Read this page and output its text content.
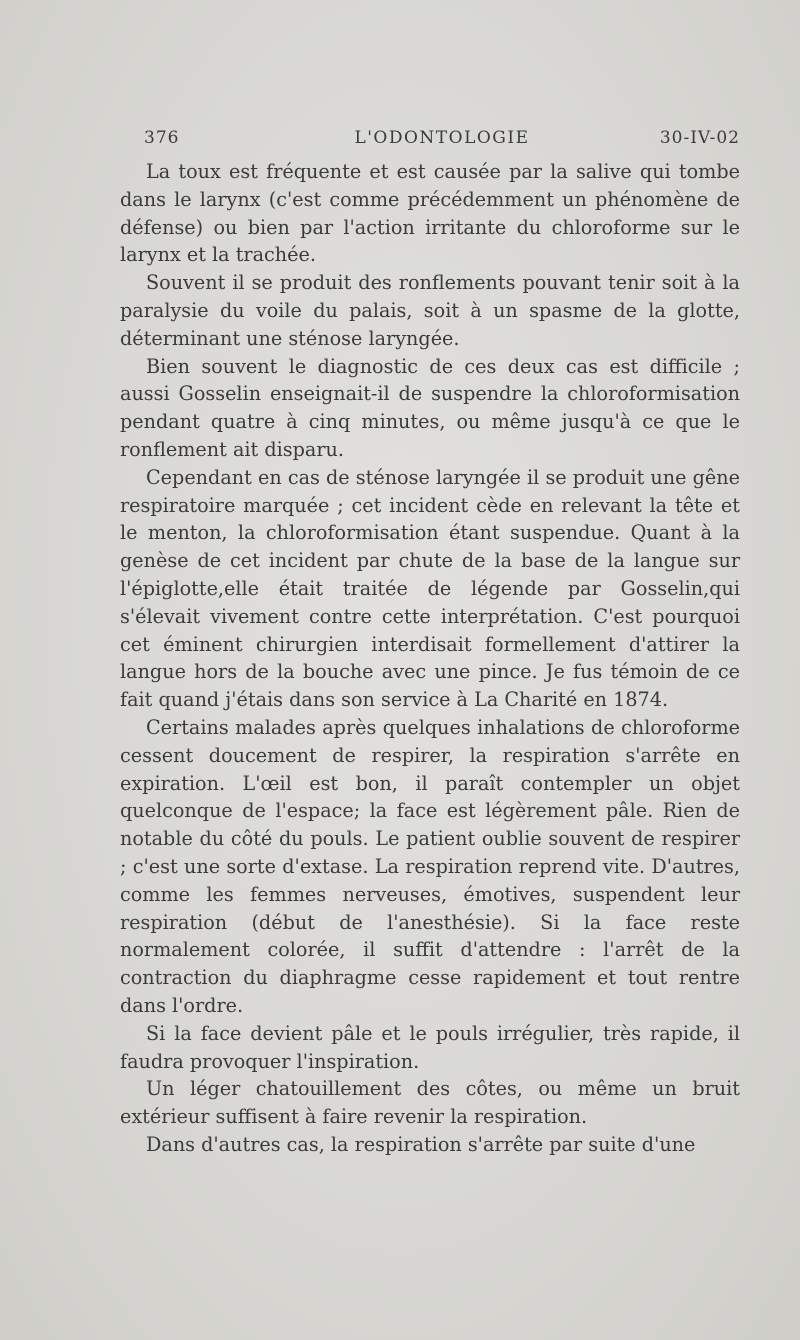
376	L'ODONTOLOGIE	30-IV-02

La toux est fréquente et est causée par la salive qui tombe dans le larynx (c'est comme précédemment un phénomène de défense) ou bien par l'action irritante du chloroforme sur le larynx et la trachée.

Souvent il se produit des ronflements pouvant tenir soit à la paralysie du voile du palais, soit à un spasme de la glotte, déterminant une sténose laryngée.

Bien souvent le diagnostic de ces deux cas est difficile ; aussi Gosselin enseignait-il de suspendre la chloroformisation pendant quatre à cinq minutes, ou même jusqu'à ce que le ronflement ait disparu.

Cependant en cas de sténose laryngée il se produit une gêne respiratoire marquée ; cet incident cède en relevant la tête et le menton, la chloroformisation étant suspendue. Quant à la genèse de cet incident par chute de la base de la langue sur l'épiglotte,elle était traitée de légende par Gosselin,qui s'élevait vivement contre cette interprétation. C'est pourquoi cet éminent chirurgien interdisait formellement d'attirer la langue hors de la bouche avec une pince. Je fus témoin de ce fait quand j'étais dans son service à La Charité en 1874.

Certains malades après quelques inhalations de chloroforme cessent doucement de respirer, la respiration s'arrête en expiration. L'œil est bon, il paraît contempler un objet quelconque de l'espace; la face est légèrement pâle. Rien de notable du côté du pouls. Le patient oublie souvent de respirer ; c'est une sorte d'extase. La respiration reprend vite. D'autres, comme les femmes nerveuses, émotives, suspendent leur respiration (début de l'anesthésie). Si la face reste normalement colorée, il suffit d'attendre : l'arrêt de la contraction du diaphragme cesse rapidement et tout rentre dans l'ordre.

Si la face devient pâle et le pouls irrégulier, très rapide, il faudra provoquer l'inspiration.

Un léger chatouillement des côtes, ou même un bruit extérieur suffisent à faire revenir la respiration.

Dans d'autres cas, la respiration s'arrête par suite d'une
